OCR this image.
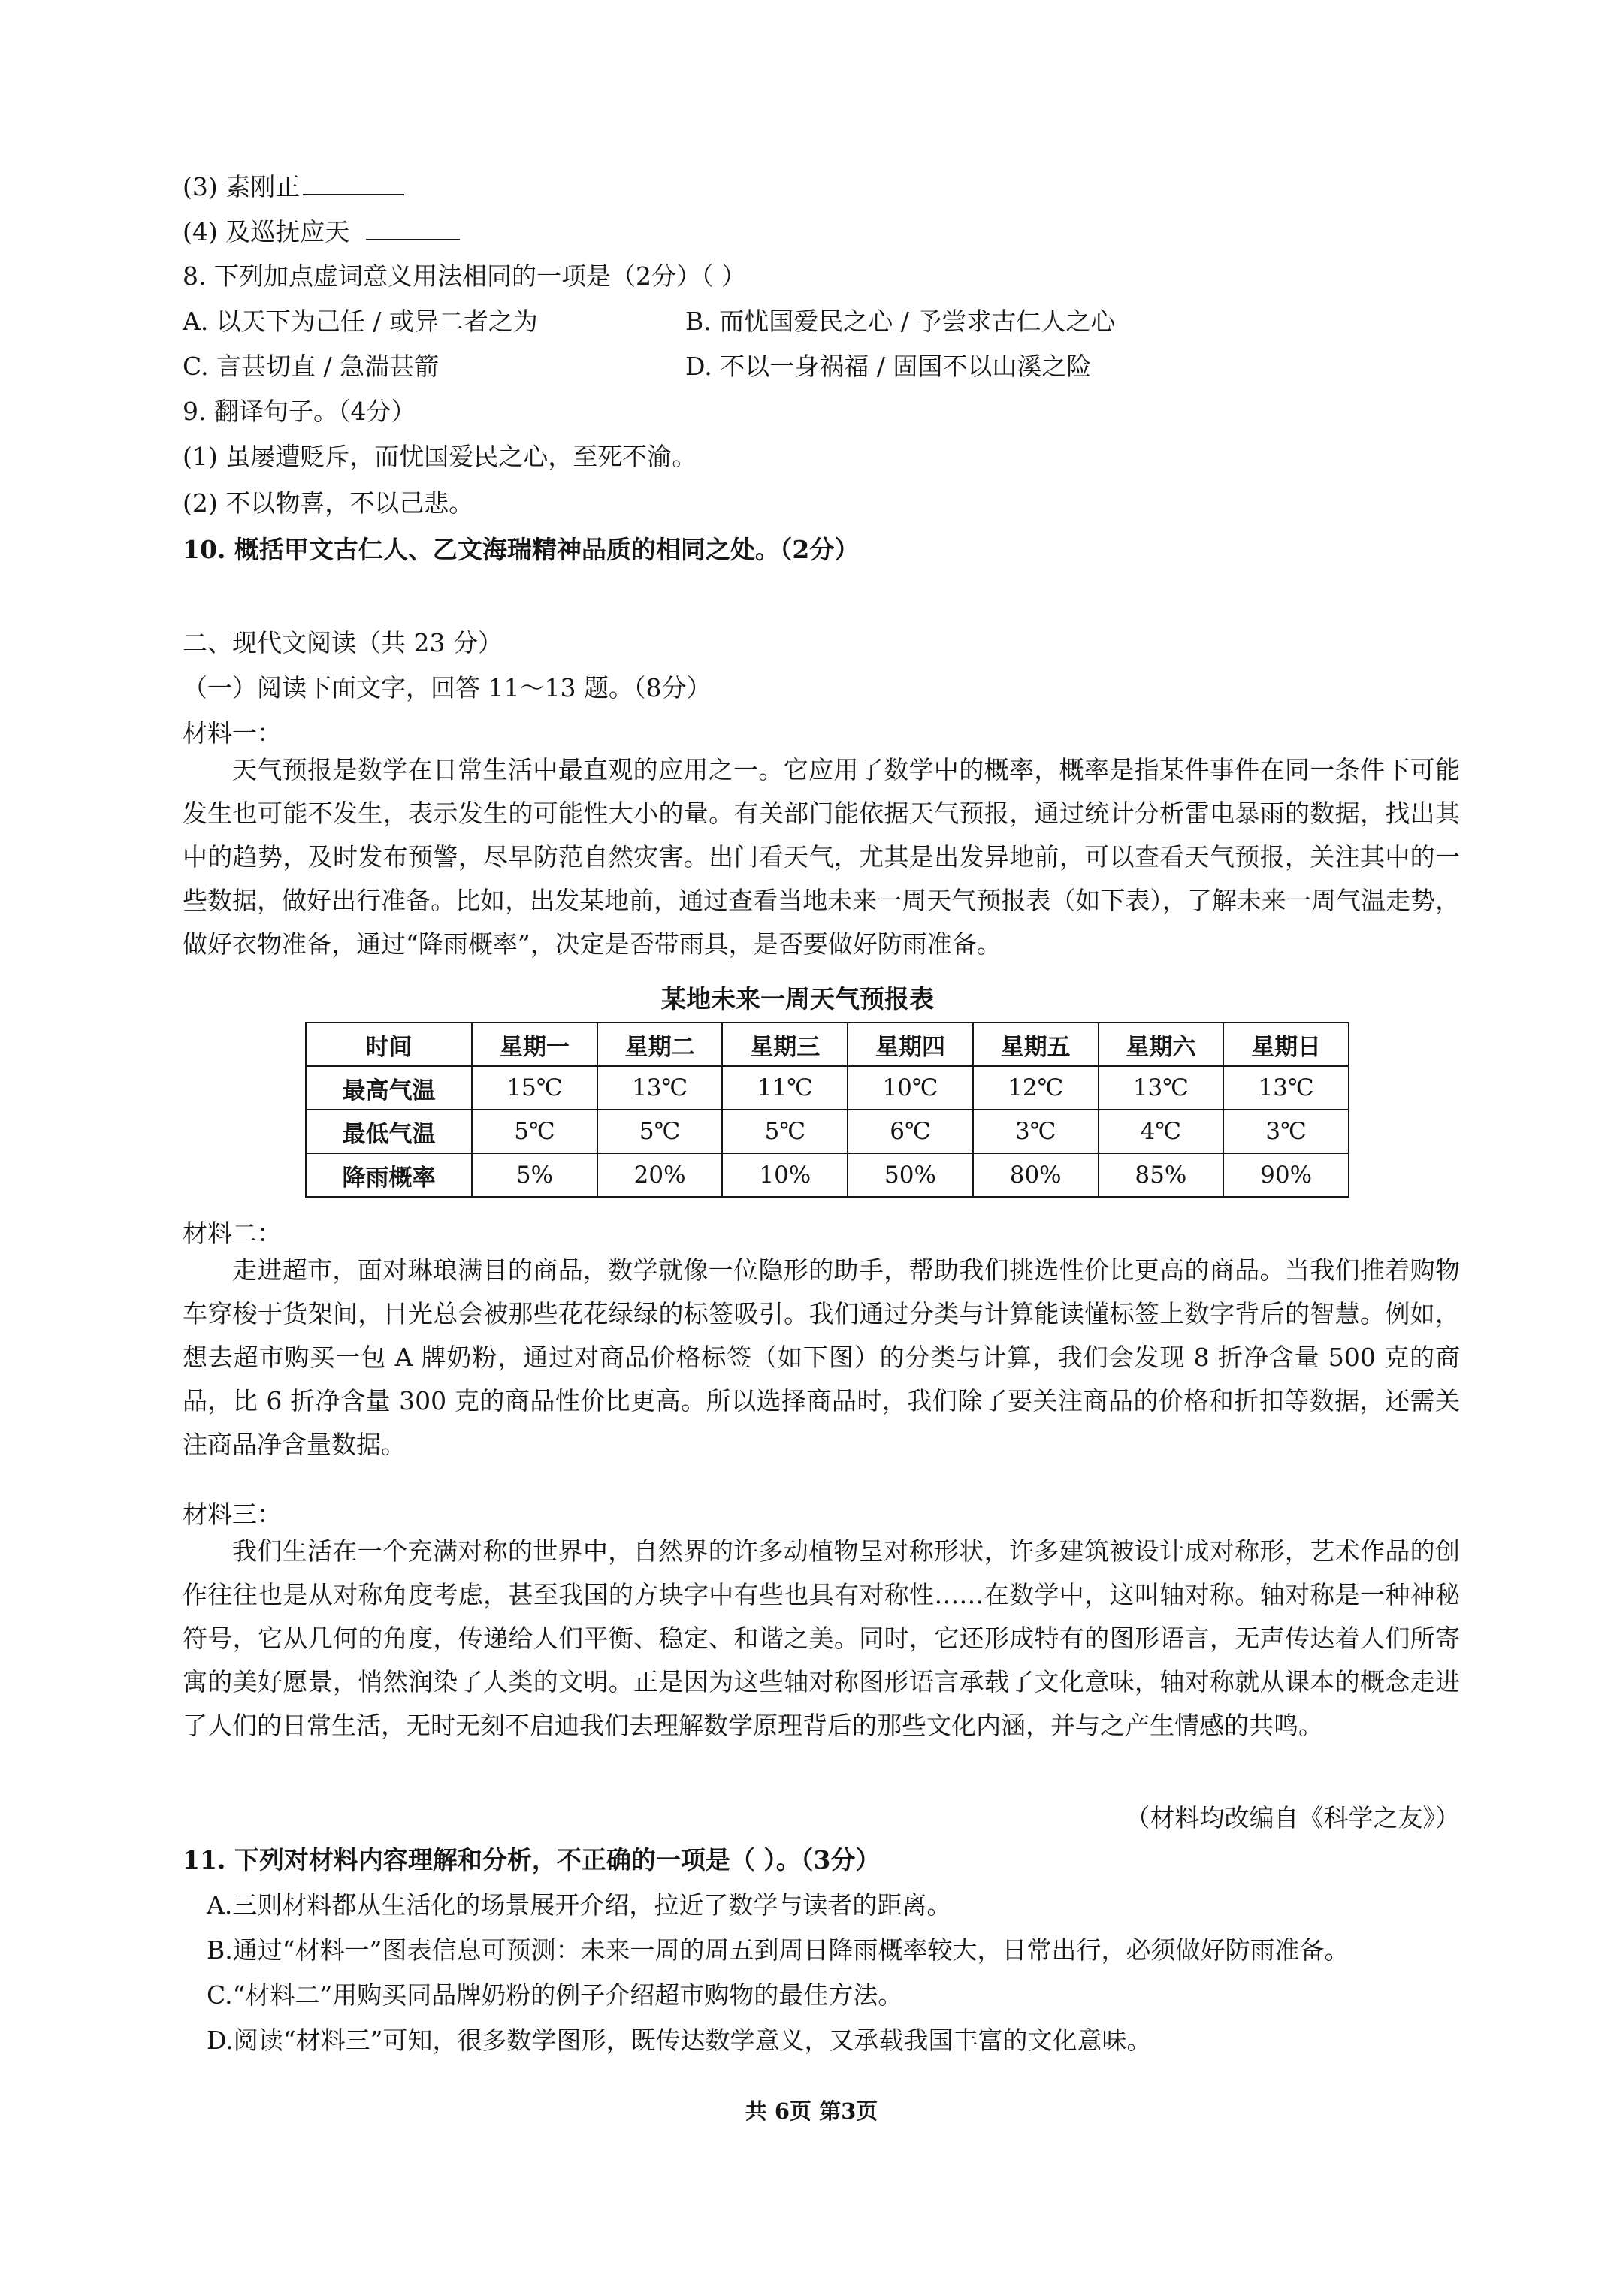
(3) 素刚正
(4) 及巡抚应天
8. 下列加点虚词意义用法相同的一项是（2分）（ ）
A. 以天下为己任 / 或异二者之为	B. 而忧国爱民之心 / 予尝求古仁人之心
C. 言甚切直 / 急湍甚箭	D. 不以一身祸福 / 固国不以山溪之险
9. 翻译句子。（4分）
(1) 虽屡遭贬斥，而忧国爱民之心，至死不渝。
(2) 不以物喜，不以己悲。
10. 概括甲文古仁人、乙文海瑞精神品质的相同之处。（2分）
二、现代文阅读（共 23 分）
（一）阅读下面文字，回答 11～13 题。（8分）
材料一：
天气预报是数学在日常生活中最直观的应用之一。它应用了数学中的概率，概率是指某件事件在同一条件下可能发生也可能不发生，表示发生的可能性大小的量。有关部门能依据天气预报，通过统计分析雷电暴雨的数据，找出其中的趋势，及时发布预警，尽早防范自然灾害。出门看天气，尤其是出发异地前，可以查看天气预报，关注其中的一些数据，做好出行准备。比如，出发某地前，通过查看当地未来一周天气预报表（如下表），了解未来一周气温走势，做好衣物准备，通过“降雨概率”，决定是否带雨具，是否要做好防雨准备。
某地未来一周天气预报表
时间	星期一	星期二	星期三	星期四	星期五	星期六	星期日
最高气温	15℃	13℃	11℃	10℃	12℃	13℃	13℃
最低气温	5℃	5℃	5℃	6℃	3℃	4℃	3℃
降雨概率	5%	20%	10%	50%	80%	85%	90%
材料二：
走进超市，面对琳琅满目的商品，数学就像一位隐形的助手，帮助我们挑选性价比更高的商品。当我们推着购物车穿梭于货架间，目光总会被那些花花绿绿的标签吸引。我们通过分类与计算能读懂标签上数字背后的智慧。例如，想去超市购买一包 A 牌奶粉，通过对商品价格标签（如下图）的分类与计算，我们会发现 8 折净含量 500 克的商品，比 6 折净含量 300 克的商品性价比更高。所以选择商品时，我们除了要关注商品的价格和折扣等数据，还需关注商品净含量数据。
材料三：
我们生活在一个充满对称的世界中，自然界的许多动植物呈对称形状，许多建筑被设计成对称形，艺术作品的创作往往也是从对称角度考虑，甚至我国的方块字中有些也具有对称性……在数学中，这叫轴对称。轴对称是一种神秘符号，它从几何的角度，传递给人们平衡、稳定、和谐之美。同时，它还形成特有的图形语言，无声传达着人们所寄寓的美好愿景，悄然润染了人类的文明。正是因为这些轴对称图形语言承载了文化意味，轴对称就从课本的概念走进了人们的日常生活，无时无刻不启迪我们去理解数学原理背后的那些文化内涵，并与之产生情感的共鸣。
（材料均改编自《科学之友》）
11. 下列对材料内容理解和分析，不正确的一项是（ ）。（3分）
A.三则材料都从生活化的场景展开介绍，拉近了数学与读者的距离。
B.通过“材料一”图表信息可预测：未来一周的周五到周日降雨概率较大，日常出行，必须做好防雨准备。
C.“材料二”用购买同品牌奶粉的例子介绍超市购物的最佳方法。
D.阅读“材料三”可知，很多数学图形，既传达数学意义，又承载我国丰富的文化意味。
共 6页 第3页
